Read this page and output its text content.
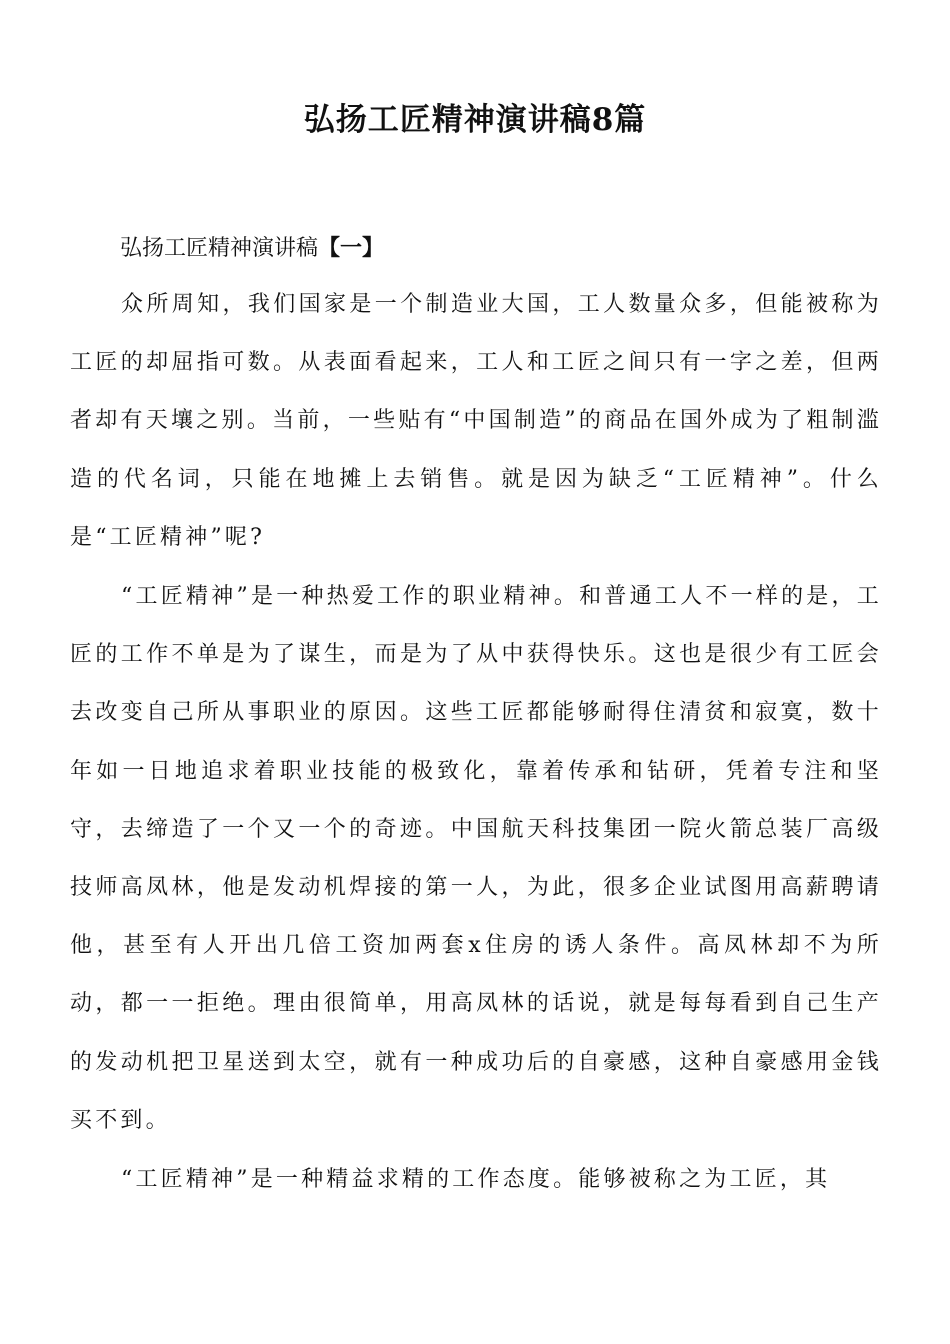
弘扬工匠精神演讲稿8篇
弘扬工匠精神演讲稿【一】

众所周知，我们国家是一个制造业大国，工人数量众多，但能被称为工匠的却屈指可数。从表面看起来，工人和工匠之间只有一字之差，但两者却有天壤之别。当前，一些贴有“中国制造”的商品在国外成为了粗制滥造的代名词，只能在地摊上去销售。就是因为缺乏“工匠精神”。什么是“工匠精神”呢?

“工匠精神”是一种热爱工作的职业精神。和普通工人不一样的是，工匠的工作不单是为了谋生，而是为了从中获得快乐。这也是很少有工匠会去改变自己所从事职业的原因。这些工匠都能够耐得住清贫和寂寞，数十年如一日地追求着职业技能的极致化，靠着传承和钻研，凭着专注和坚守，去缔造了一个又一个的奇迹。中国航天科技集团一院火箭总装厂高级技师高凤林，他是发动机焊接的第一人，为此，很多企业试图用高薪聘请他，甚至有人开出几倍工资加两套x住房的诱人条件。高凤林却不为所动，都一一拒绝。理由很简单，用高凤林的话说，就是每每看到自己生产的发动机把卫星送到太空，就有一种成功后的自豪感，这种自豪感用金钱买不到。

“工匠精神”是一种精益求精的工作态度。能够被称之为工匠，其
